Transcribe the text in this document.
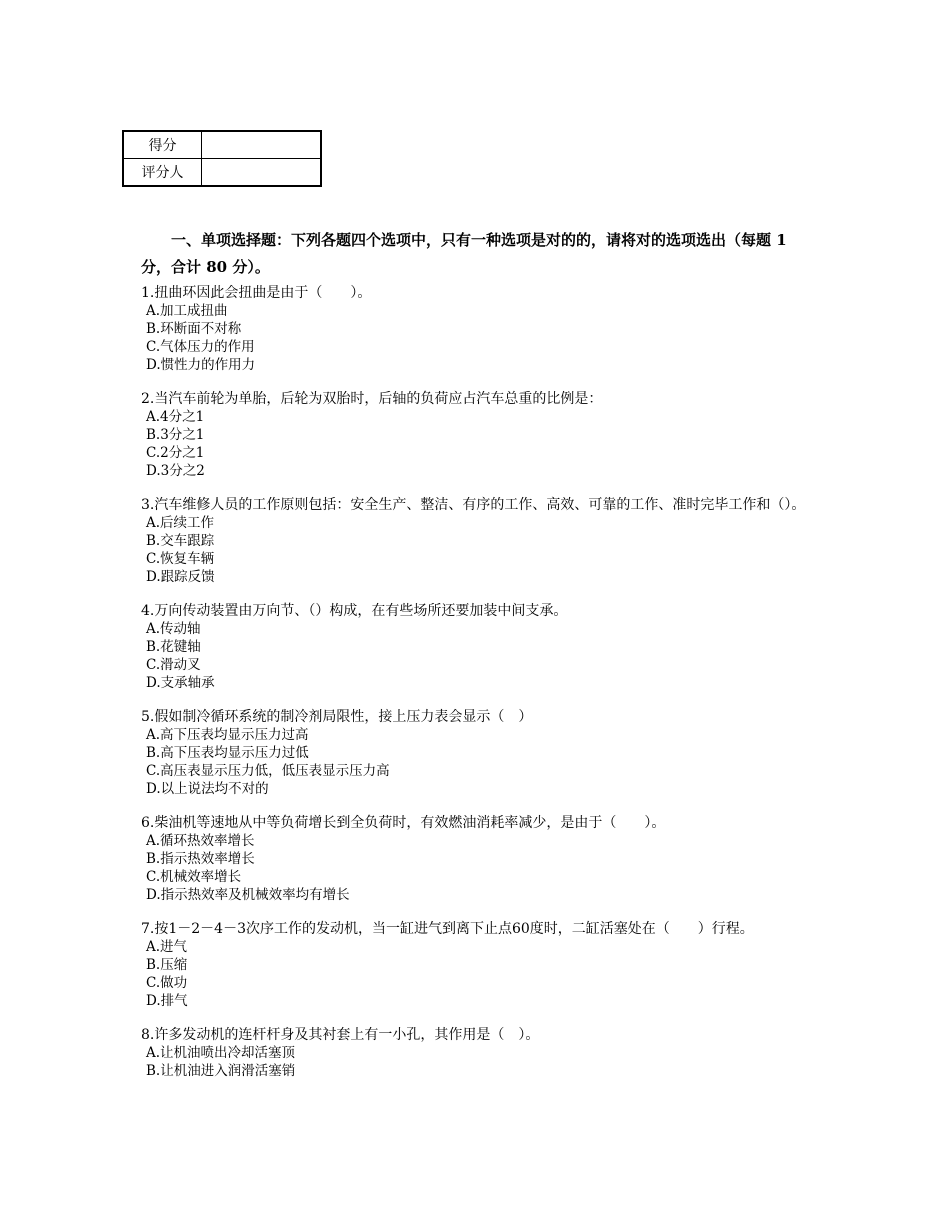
得分	
评分人	

一、单项选择题：下列各题四个选项中，只有一种选项是对的的，请将对的选项选出（每题 1 分，合计 80 分）。

1.扭曲环因此会扭曲是由于（　　）。

A.加工成扭曲
B.环断面不对称
C.气体压力的作用
D.惯性力的作用力

2.当汽车前轮为单胎，后轮为双胎时，后轴的负荷应占汽车总重的比例是：

A.4分之1
B.3分之1
C.2分之1
D.3分之2

3.汽车维修人员的工作原则包括：安全生产、整洁、有序的工作、高效、可靠的工作、准时完毕工作和（）。

A.后续工作
B.交车跟踪
C.恢复车辆
D.跟踪反馈

4.万向传动装置由万向节、（）构成，在有些场所还要加装中间支承。

A.传动轴
B.花键轴
C.滑动叉
D.支承轴承

5.假如制冷循环系统的制冷剂局限性，接上压力表会显示（　）

A.高下压表均显示压力过高
B.高下压表均显示压力过低
C.高压表显示压力低，低压表显示压力高
D.以上说法均不对的

6.柴油机等速地从中等负荷增长到全负荷时，有效燃油消耗率减少，是由于（　　）。

A.循环热效率增长
B.指示热效率增长
C.机械效率增长
D.指示热效率及机械效率均有增长

7.按1－2－4－3次序工作的发动机，当一缸进气到离下止点60度时，二缸活塞处在（　　）行程。

A.进气
B.压缩
C.做功
D.排气

8.许多发动机的连杆杆身及其衬套上有一小孔，其作用是（　）。

A.让机油喷出冷却活塞顶
B.让机油进入润滑活塞销
